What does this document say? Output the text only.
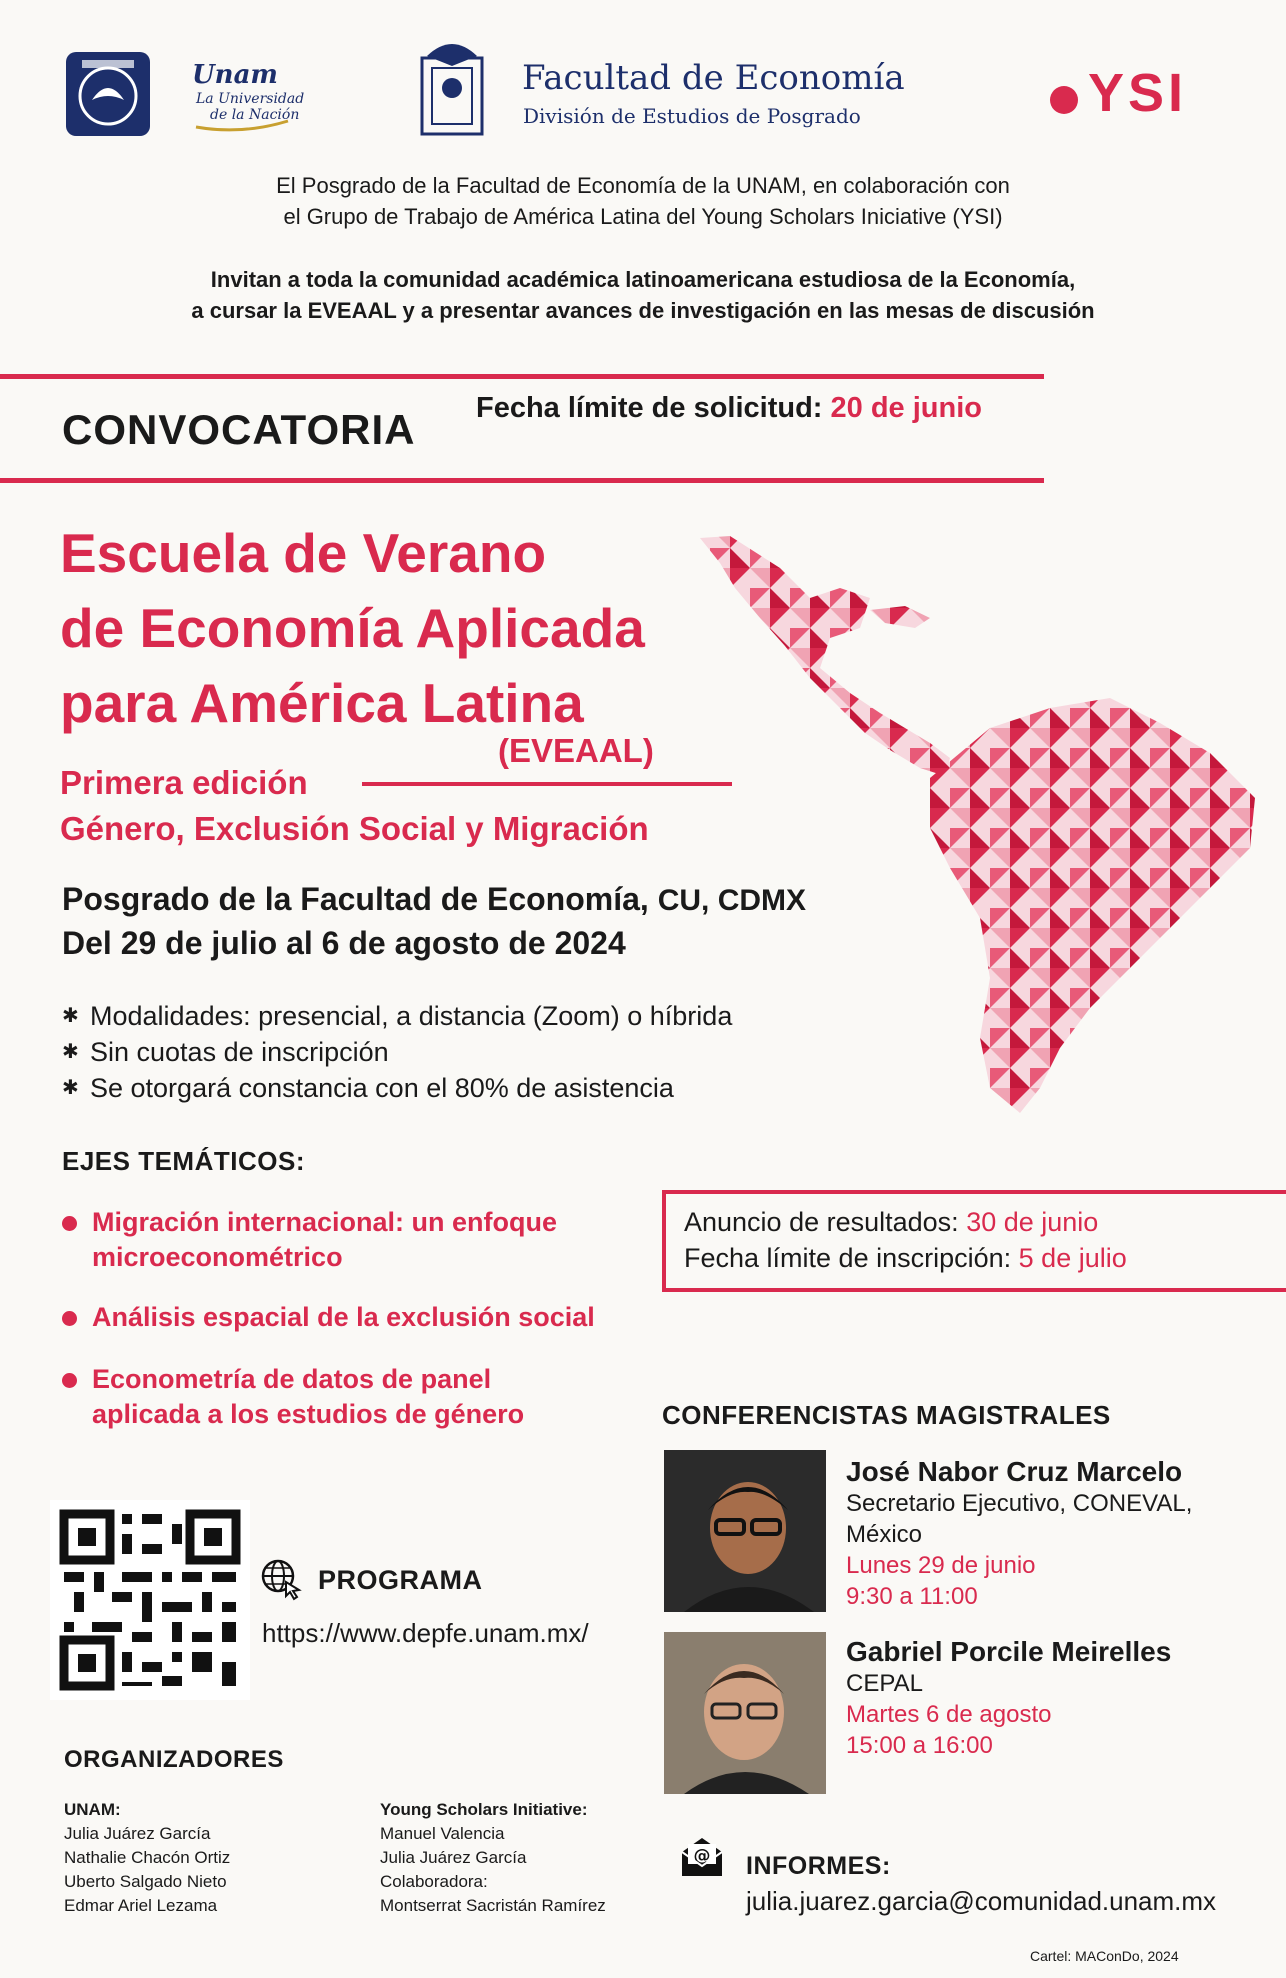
Unam
La Universidad
de la Nación
Facultad de Economía
División de Estudios de Posgrado	YSI
El Posgrado de la Facultad de Economía de la UNAM, en colaboración con
el Grupo de Trabajo de América Latina del Young Scholars Iniciative (YSI)
Invitan a toda la comunidad académica latinoamericana estudiosa de la Economía,
a cursar la EVEAAL y a presentar avances de investigación en las mesas de discusión
CONVOCATORIA Fecha límite de solicitud: 20 de junio
Escuela de Verano
de Economía Aplicada
para América Latina
(EVEAAL)
Primera edición
Género, Exclusión Social y Migración
Posgrado de la Facultad de Economía, CU, CDMX
Del 29 de julio al 6 de agosto de 2024
✱ Modalidades: presencial, a distancia (Zoom) o híbrida
✱ Sin cuotas de inscripción
✱ Se otorgará constancia con el 80% de asistencia
EJES TEMÁTICOS:
Migración internacional: un enfoque
microeconométrico
Análisis espacial de la exclusión social
Econometría de datos de panel
aplicada a los estudios de género
Anuncio de resultados: 30 de junio
Fecha límite de inscripción: 5 de julio
CONFERENCISTAS MAGISTRALES
José Nabor Cruz Marcelo
Secretario Ejecutivo, CONEVAL,
México
Lunes 29 de junio
9:30 a 11:00
Gabriel Porcile Meirelles
CEPAL
Martes 6 de agosto
15:00 a 16:00
PROGRAMA
https://www.depfe.unam.mx/
ORGANIZADORES
UNAM:
Julia Juárez García
Nathalie Chacón Ortiz
Uberto Salgado Nieto
Edmar Ariel Lezama
Young Scholars Initiative:
Manuel Valencia
Julia Juárez García
Colaboradora:
Montserrat Sacristán Ramírez
@ INFORMES:
julia.juarez.garcia@comunidad.unam.mx
Cartel: MAConDo, 2024
